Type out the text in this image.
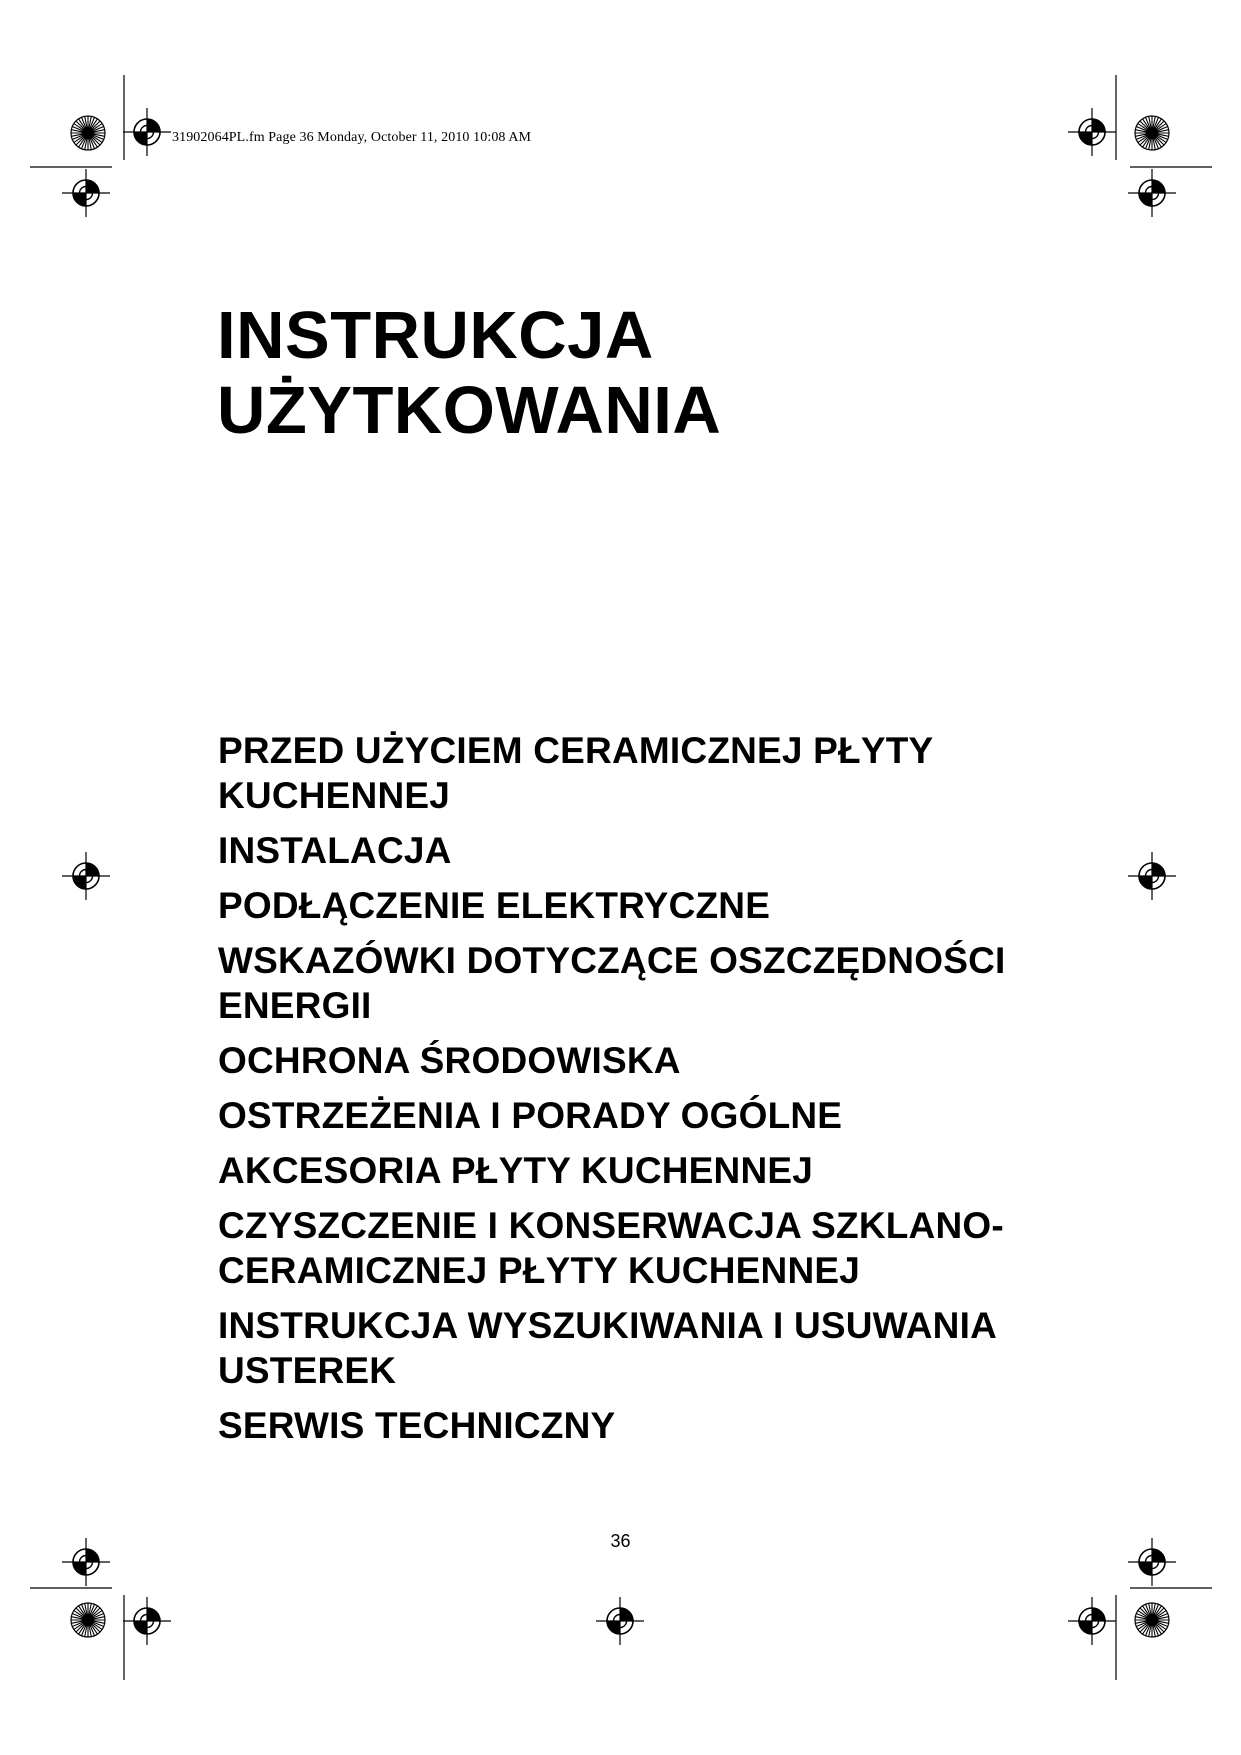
31902064PL.fm Page 36 Monday, October 11, 2010 10:08 AM
INSTRUKCJA
UŻYTKOWANIA
PRZED UŻYCIEM CERAMICZNEJ PŁYTY KUCHENNEJ
INSTALACJA
PODŁĄCZENIE ELEKTRYCZNE
WSKAZÓWKI DOTYCZĄCE OSZCZĘDNOŚCI ENERGII
OCHRONA ŚRODOWISKA
OSTRZEŻENIA I PORADY OGÓLNE
AKCESORIA PŁYTY KUCHENNEJ
CZYSZCZENIE I KONSERWACJA SZKLANO-CERAMICZNEJ PŁYTY KUCHENNEJ
INSTRUKCJA WYSZUKIWANIA I USUWANIA USTEREK
SERWIS TECHNICZNY
36
